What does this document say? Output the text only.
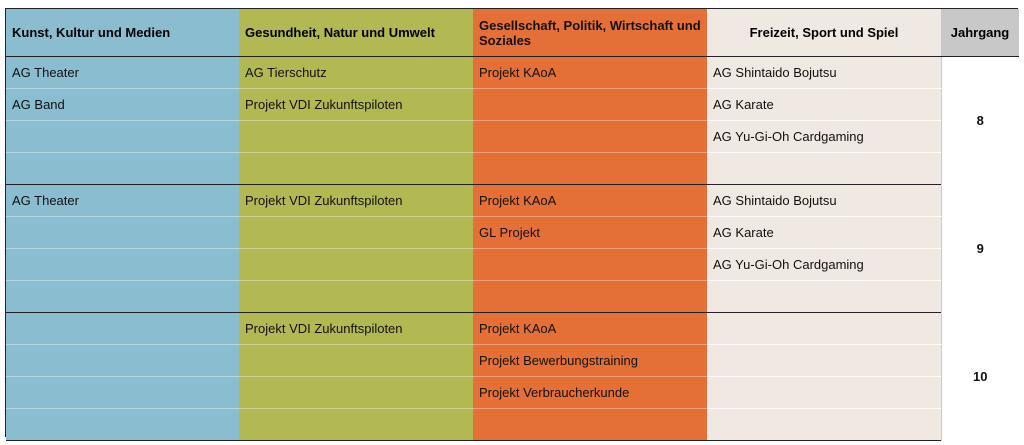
Kunst, Kultur und Medien	Gesundheit, Natur und Umwelt	Gesellschaft, Politik, Wirtschaft und Soziales	Freizeit, Sport und Spiel	Jahrgang
AG Theater	AG Tierschutz	Projekt KAoA	AG Shintaido Bojutsu	8
AG Band	Projekt VDI Zukunftspiloten		AG Karate	
			AG Yu-Gi-Oh Cardgaming	

AG Theater	Projekt VDI Zukunftspiloten	Projekt KAoA	AG Shintaido Bojutsu	9
		GL Projekt	AG Karate	
			AG Yu-Gi-Oh Cardgaming	

	Projekt VDI Zukunftspiloten	Projekt KAoA		10
		Projekt Bewerbungstraining		
		Projekt Verbraucherkunde		
